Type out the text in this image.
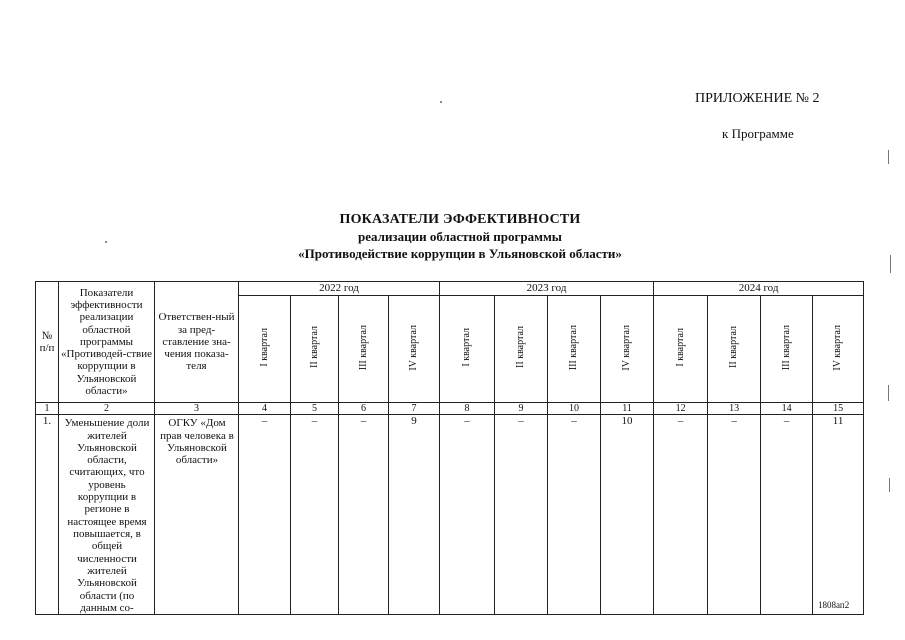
ПРИЛОЖЕНИЕ № 2
к Программе
ПОКАЗАТЕЛИ ЭФФЕКТИВНОСТИ
реализации областной программы
«Противодействие коррупции в Ульяновской области»
№ п/п	Показатели эффективности реализации областной программы «Противодей-ствие коррупции в Ульяновской области»	Ответствен-ный за пред-ставление зна-чения показа-теля	2022 год				2023 год				2024 год			
			I квартал	II квартал	III квартал	IV квартал	I квартал	II квартал	III квартал	IV квартал	I квартал	II квартал	III квартал	IV квартал
1	2	3	4	5	6	7	8	9	10	11	12	13	14	15
1.	Уменьшение доли жителей Ульяновской области, считающих, что уровень коррупции в регионе в настоящее время повышается, в общей численности жителей Ульяновской области (по данным со-	ОГКУ «Дом прав человека в Ульяновской области»	–	–	–	9	–	–	–	10	–	–	–	11
1808ап2
